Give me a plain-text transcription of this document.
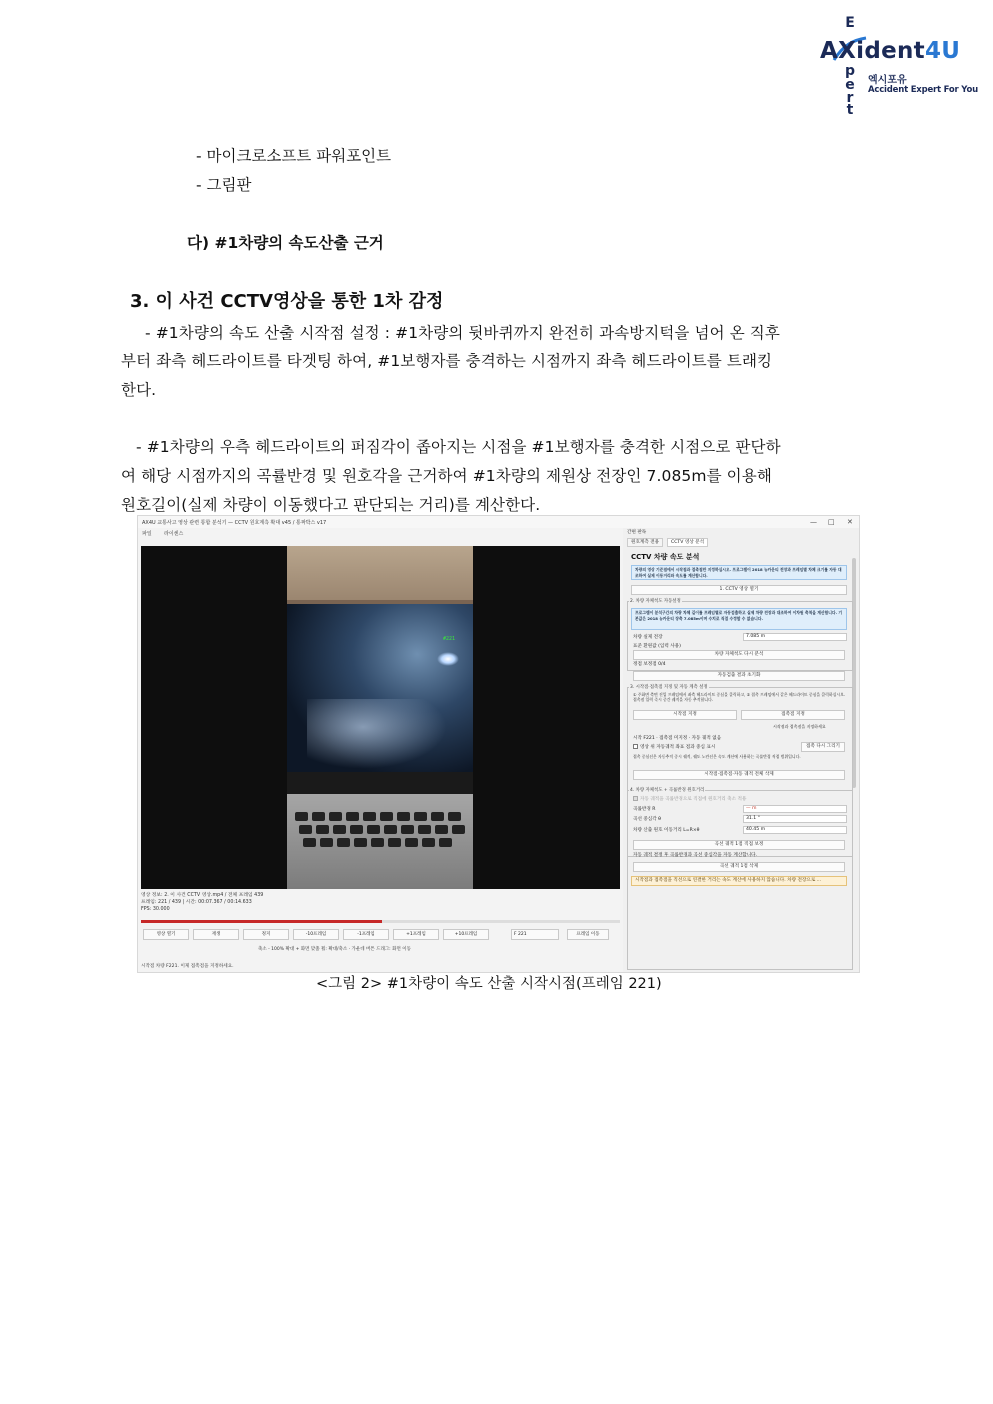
E
AXident4U
p
e
r
t
엑시포유
Accident Expert For You
- 마이크로소프트 파워포인트
- 그림판
다) #1차량의 속도산출 근거
3. 이 사건 CCTV영상을 통한 1차 감정
- #1차량의 속도 산출 시작점 설정 : #1차량의 뒷바퀴까지 완전히 과속방지턱을 넘어 온 직후
부터 좌측 헤드라이트를 타겟팅 하여, #1보행자를 충격하는 시점까지 좌측 헤드라이트를 트래킹
한다.
- #1차량의 우측 헤드라이트의 퍼짐각이 좁아지는 시점을 #1보행자를 충격한 시점으로 판단하
여 해당 시점까지의 곡률반경 및 원호각을 근거하여 #1차량의 제원상 전장인 7.085m를 이용해
원호길이(실제 차량이 이동했다고 판단되는 거리)를 계산한다.
AX4U 교통사고 영상 관련 통합 분석기 — CCTV 원호계측 확대 v45 / 통짜박스 v17	— □ ✕
파일 라이센스
#221
영상 정보: 2. 이 사건 CCTV 영상.mp4 / 전체 프레임 439
프레임: 221 / 439 | 시간: 00:07.367 / 00:14.633
FPS: 30.000
영상 열기	재생	정지	-10프레임	-1프레임	+1프레임	+10프레임	F 221	프레임 이동
축소 - 100% 확대 + 화면 맞춤 휠: 확대/축소 · 가운데 버튼 드래그: 화면 이동
시작점 차량 F221. 이제 접촉점을 지정하세요.
간편 판독
원호계측 전용	CCTV 영상 분석
CCTV 차량 속도 분석
차량의 영상 기준점에서 시작점과 접촉점만 지정하십시오. 프로그램이 2018 뉴카운티 전장과 프레임별 차체 크기를 자동 대조하여 실제 이동거리와 속도를 계산합니다.
1. CCTV 영상 열기
2. 차량 자체척도 자동설정
프로그램이 분석구간의 차량 차체 길이를 프레임별로 자동검출하고 실제 차량 전장과 대조하여 이차원 축척을 계산합니다. 기본값은 2018 뉴카운티 장축 7.085m이며 수치로 직접 수정할 수 없습니다.
차량 실제 전장	7.085 m
표준 환원값 (입력 사용)
차량 자체척도 다시 분석
정점 보정점 0/4
자동검출 결과 초기화
3. 시작점·접촉점 지정 및 자동 계측 설정
① 주화면 측면 진입 프레임에서 좌측 헤드라이트 중심을 클릭하고, ② 접촉 프레임에서 같은 헤드라이트 중심을 클릭하십시오. 접촉점 입력 즉시 중간 궤적을 자동 추적합니다.
시작점 지정	접촉점 지정
시작점과 접촉점을 지정하세요
시작 F221 · 접촉점 미지정 · 자동 궤적 없음
영상 위 자동궤적 좌표 점과 중심 표시	접촉 다시 그리기
접촉 중심선은 자동추적 중시 궤적, 궤도 노란선은 속도 계산에 사용하는 곡률반경 직접 범위입니다.
시작점·접촉점·자동 궤적 전체 삭제
4. 차량 자체척도 + 곡률반경 원호거리
자동 궤적을 곡률반경으로 직접에 원호거리 축소 적용
곡률반경 R	— m
곡선 중심각 θ	31.1 °
차량 산출 원호 이동거리 L=R×θ	40.45 m
곡선 궤적 1점 직접 보정
자동 궤적 결정 후 곡률반경과 곡선 중심각을 자동 계산합니다.
곡선 궤적 1점 삭제
시작점과 접촉점을 직선으로 연결한 거리는 속도 계산에 사용하지 않습니다. 차량 전장으로 ...
<그림 2> #1차량이 속도 산출 시작시점(프레임 221)
